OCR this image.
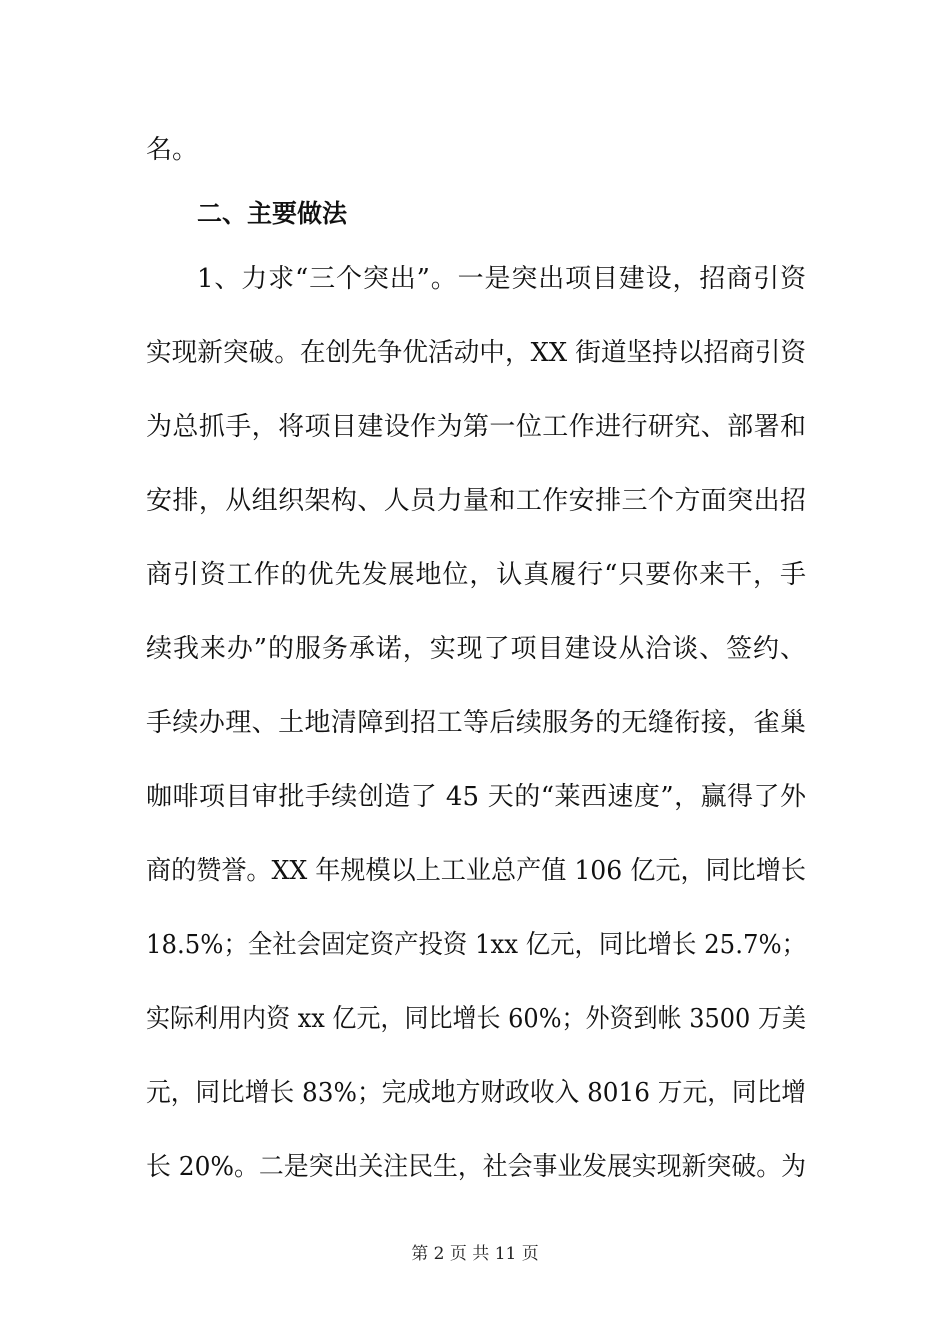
名。
二、主要做法
1、力求“三个突出”。一是突出项目建设，招商引资
实现新突破。在创先争优活动中，XX 街道坚持以招商引资
为总抓手，将项目建设作为第一位工作进行研究、部署和
安排，从组织架构、人员力量和工作安排三个方面突出招
商引资工作的优先发展地位，认真履行“只要你来干，手
续我来办”的服务承诺，实现了项目建设从洽谈、签约、
手续办理、土地清障到招工等后续服务的无缝衔接，雀巢
咖啡项目审批手续创造了 45 天的“莱西速度”，赢得了外
商的赞誉。XX 年规模以上工业总产值 106 亿元，同比增长
18.5%；全社会固定资产投资 1xx 亿元，同比增长 25.7%；
实际利用内资 xx 亿元，同比增长 60%；外资到帐 3500 万美
元，同比增长 83%；完成地方财政收入 8016 万元，同比增
长 20%。二是突出关注民生，社会事业发展实现新突破。为
第 2 页 共 11 页
